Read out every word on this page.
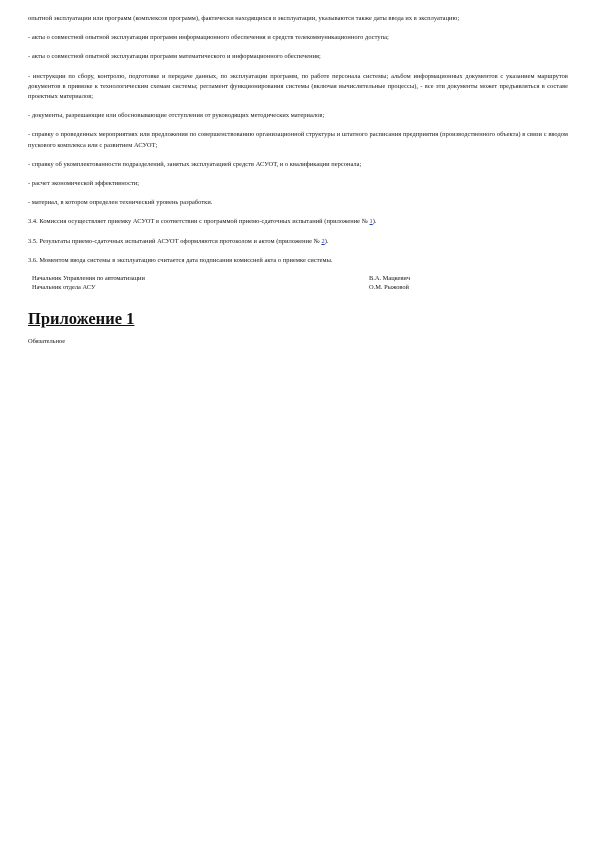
опытной эксплуатации или программ (комплексов программ), фактически находящихся в эксплуатации, указываются также даты ввода их в эксплуатацию;

- акты о совместной опытной эксплуатации программ информационного обеспечения и средств телекоммуникационного доступа;

- акты о совместной опытной эксплуатации программ математического и информационного обеспечения;

- инструкции по сбору, контролю, подготовке и передаче данных, по эксплуатации программ, по работе персонала системы; альбом информационных документов с указанием маршрутов документов в привязке к технологическим схемам системы; регламент функционирования системы (включая вычислительные процессы), - все эти документы может предъявляться в составе проектных материалов;

- документы, разрешающие или обосновывающие отступления от руководящих методических материалов;

- справку о проведенных мероприятиях или предложения по совершенствованию организационной структуры и штатного расписания предприятия (производственного объекта) в связи с вводом пускового комплекса или с развитием АСУОТ;

- справку об укомплектованности подразделений, занятых эксплуатацией средств АСУОТ, и о квалификации персонала;

- расчет экономической эффективности;

- материал, в котором определен технический уровень разработки.

3.4. Комиссия осуществляет приемку АСУОТ в соответствии с программой приемо-сдаточных испытаний (приложение № 1).

3.5. Результаты приемо-сдаточных испытаний АСУОТ оформляются протоколом и актом (приложение № 2).

3.6. Моментом ввода системы в эксплуатацию считается дата подписания комиссией акта о приемке системы.

Начальник Управления по автоматизации	В.А. Мацкевич
Начальник отдела АСУ	О.М. Рыжовой
Приложение 1
Обязательное
